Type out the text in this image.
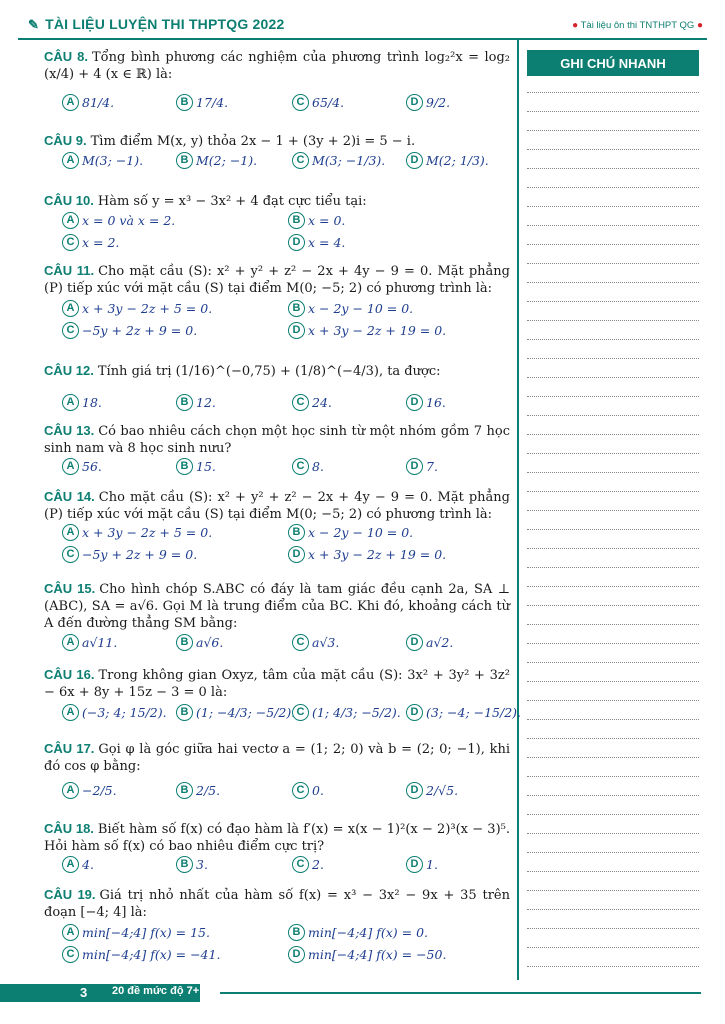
✎ TÀI LIỆU LUYỆN THI THPTQG 2022	● Tài liệu ôn thi TNTHPT QG ●
GHI CHÚ NHANH

CÂU 8. Tổng bình phương các nghiệm của phương trình log₂²x = log₂ (x/4) + 4 (x ∈ ℝ) là:

A 81/4.	B 17/4.	C 65/4.	D 9/2.

CÂU 9. Tìm điểm M(x, y) thỏa 2x − 1 + (3y + 2)i = 5 − i.

A M(3; −1).	B M(2; −1).	C M(3; −1/3).	D M(2; 1/3).

CÂU 10. Hàm số y = x³ − 3x² + 4 đạt cực tiểu tại:

A x = 0 và x = 2.	B x = 0.
C x = 2.	D x = 4.

CÂU 11. Cho mặt cầu (S): x² + y² + z² − 2x + 4y − 9 = 0. Mặt phẳng (P) tiếp xúc với mặt cầu (S) tại điểm M(0; −5; 2) có phương trình là:

A x + 3y − 2z + 5 = 0.	B x − 2y − 10 = 0.
C −5y + 2z + 9 = 0.	D x + 3y − 2z + 19 = 0.

CÂU 12. Tính giá trị (1/16)^(−0,75) + (1/8)^(−4/3), ta được:

A 18.	B 12.	C 24.	D 16.

CÂU 13. Có bao nhiêu cách chọn một học sinh từ một nhóm gồm 7 học sinh nam và 8 học sinh nưu?

A 56.	B 15.	C 8.	D 7.

CÂU 14. Cho mặt cầu (S): x² + y² + z² − 2x + 4y − 9 = 0. Mặt phẳng (P) tiếp xúc với mặt cầu (S) tại điểm M(0; −5; 2) có phương trình là:

A x + 3y − 2z + 5 = 0.	B x − 2y − 10 = 0.
C −5y + 2z + 9 = 0.	D x + 3y − 2z + 19 = 0.

CÂU 15. Cho hình chóp S.ABC có đáy là tam giác đều cạnh 2a, SA ⊥ (ABC), SA = a√6. Gọi M là trung điểm của BC. Khi đó, khoảng cách từ A đến đường thẳng SM bằng:

A a√11.	B a√6.	C a√3.	D a√2.

CÂU 16. Trong không gian Oxyz, tâm của mặt cầu (S): 3x² + 3y² + 3z² − 6x + 8y + 15z − 3 = 0 là:

A (−3; 4; 15/2).	B (1; −4/3; −5/2). C (1; 4/3; −5/2). D (3; −4; −15/2).

CÂU 17. Gọi φ là góc giữa hai vectơ a = (1; 2; 0) và b = (2; 0; −1), khi đó cos φ bằng:

A −2/5.	B 2/5.	C 0.	D 2/√5.

CÂU 18. Biết hàm số f(x) có đạo hàm là f′(x) = x(x − 1)²(x − 2)³(x − 3)⁵. Hỏi hàm số f(x) có bao nhiêu điểm cực trị?

A 4.	B 3.	C 2.	D 1.

CÂU 19. Giá trị nhỏ nhất của hàm số f(x) = x³ − 3x² − 9x + 35 trên đoạn [−4; 4] là:

A min[−4;4] f(x) = 15.	B min[−4;4] f(x) = 0.
C min[−4;4] f(x) = −41.	D min[−4;4] f(x) = −50.
3 20 đề mức độ 7+
